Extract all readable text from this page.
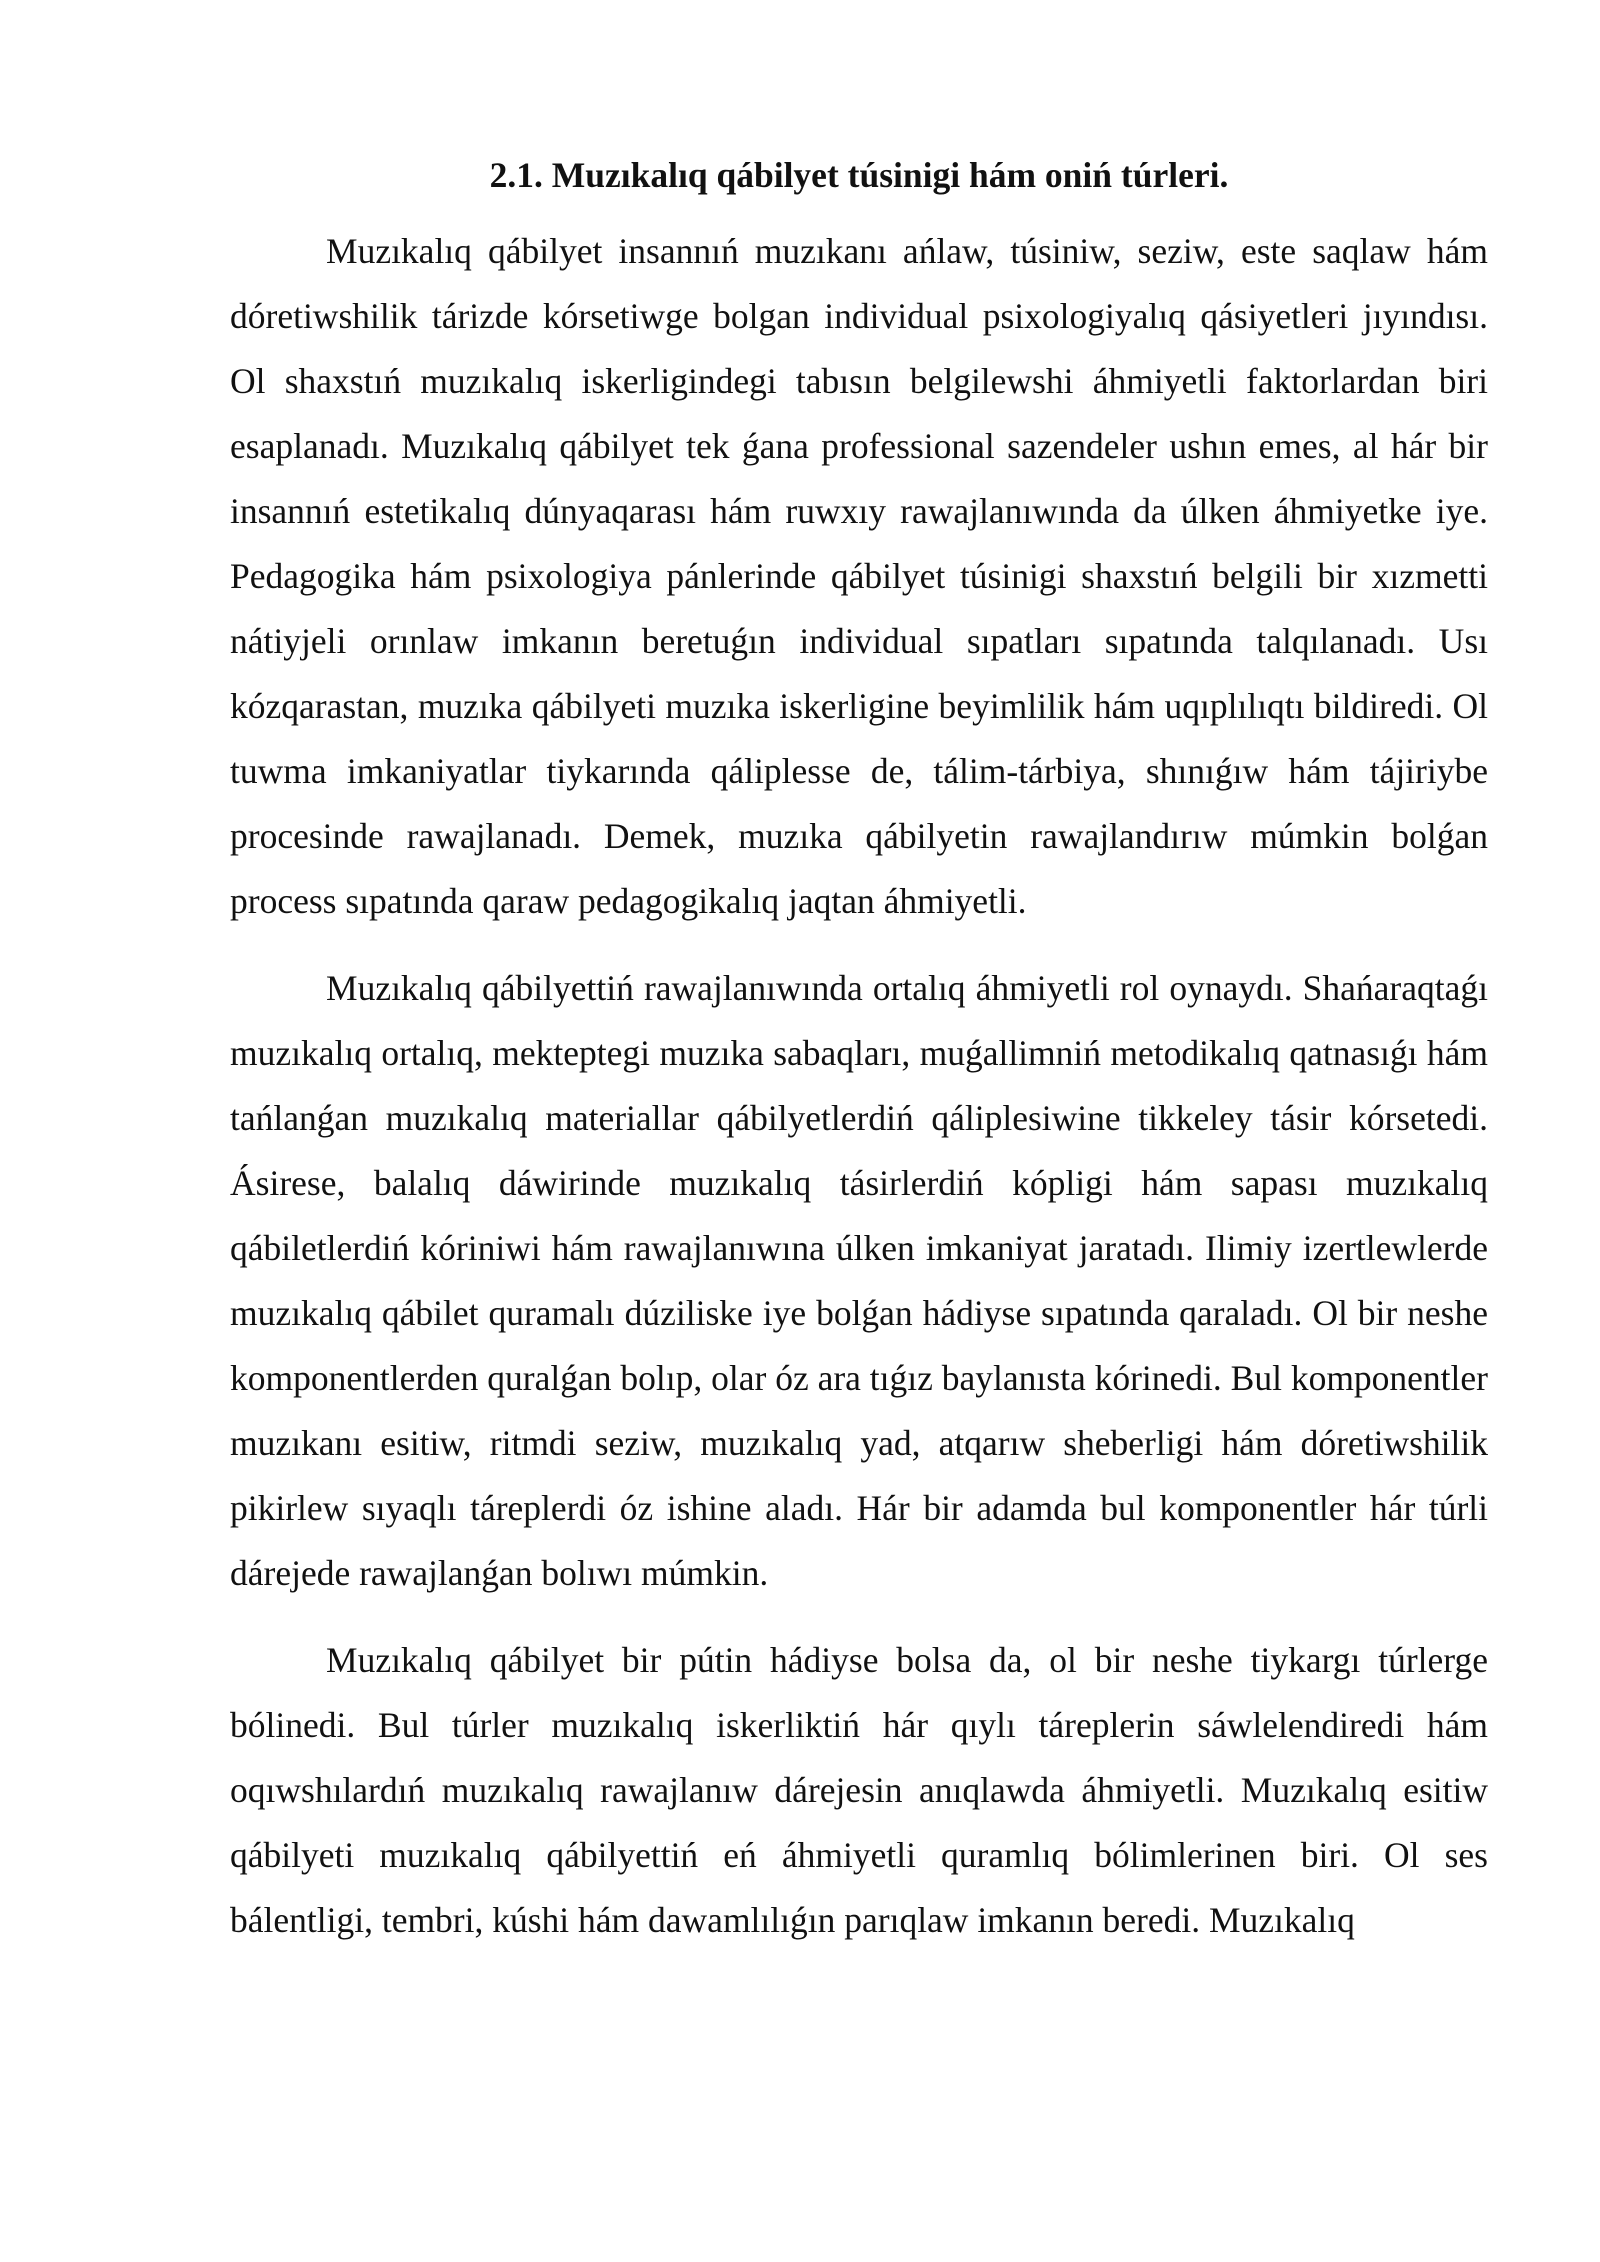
2.1. Muzıkalıq qábilyet túsinigi hám oniń túrleri.

Muzıkalıq qábilyet insannıń muzıkanı ańlaw, túsiniw, seziw, este saqlaw hám dóretiwshilik tárizde kórsetiwge bolgan individual psixologiyalıq qásiyetleri jıyındısı. Ol shaxstıń muzıkalıq iskerligindegi tabısın belgilewshi áhmiyetli faktorlardan biri esaplanadı. Muzıkalıq qábilyet tek ǵana professional sazendeler ushın emes, al hár bir insannıń estetikalıq dúnyaqarası hám ruwxıy rawajlanıwında da úlken áhmiyetke iye. Pedagogika hám psixologiya pánlerinde qábilyet túsinigi shaxstıń belgili bir xızmetti nátiyjeli orınlaw imkanın beretuǵın individual sıpatları sıpatında talqılanadı. Usı kózqarastan, muzıka qábilyeti muzıka iskerligine beyimlilik hám uqıplılıqtı bildiredi. Ol tuwma imkaniyatlar tiykarında qáliplesse de, tálim-tárbiya, shınıǵıw hám tájiriybe procesinde rawajlanadı. Demek, muzıka qábilyetin rawajlandırıw múmkin bolǵan process sıpatında qaraw pedagogikalıq jaqtan áhmiyetli.

Muzıkalıq qábilyettiń rawajlanıwında ortalıq áhmiyetli rol oynaydı. Shańaraqtaǵı muzıkalıq ortalıq, mekteptegi muzıka sabaqları, muǵallimniń metodikalıq qatnasıǵı hám tańlanǵan muzıkalıq materiallar qábilyetlerdiń qáliplesiwine tikkeley tásir kórsetedi. Ásirese, balalıq dáwirinde muzıkalıq tásirlerdiń kópligi hám sapası muzıkalıq qábiletlerdiń kóriniwi hám rawajlanıwına úlken imkaniyat jaratadı. Ilimiy izertlewlerde muzıkalıq qábilet quramalı dúziliske iye bolǵan hádiyse sıpatında qaraladı. Ol bir neshe komponentlerden quralǵan bolıp, olar óz ara tıǵız baylanısta kórinedi. Bul komponentler muzıkanı esitiw, ritmdi seziw, muzıkalıq yad, atqarıw sheberligi hám dóretiwshilik pikirlew sıyaqlı tárepl​erdi óz ishine aladı. Hár bir adamda bul komponentler hár túrli dárejede rawajlanǵan bolıwı múmkin.

Muzıkalıq qábilyet bir pútin hádiyse bolsa da, ol bir neshe tiykargı túrlerge bólinedi. Bul túrler muzıkalıq iskerliktiń hár qıylı tárepl​erin sáwlelendiredi hám oqıwshılardıń muzıkalıq rawajlanıw dárejesin anıqlawda áhmiyetli. Muzıkalıq esitiw qábilyeti muzıkalıq qábilyettiń eń áhmiyetli quramlıq bólimlerinen biri. Ol ses bálentligi, tembri, kúshi hám dawamlılıǵın parıqlaw imkanın beredi. Muzıkalıq
